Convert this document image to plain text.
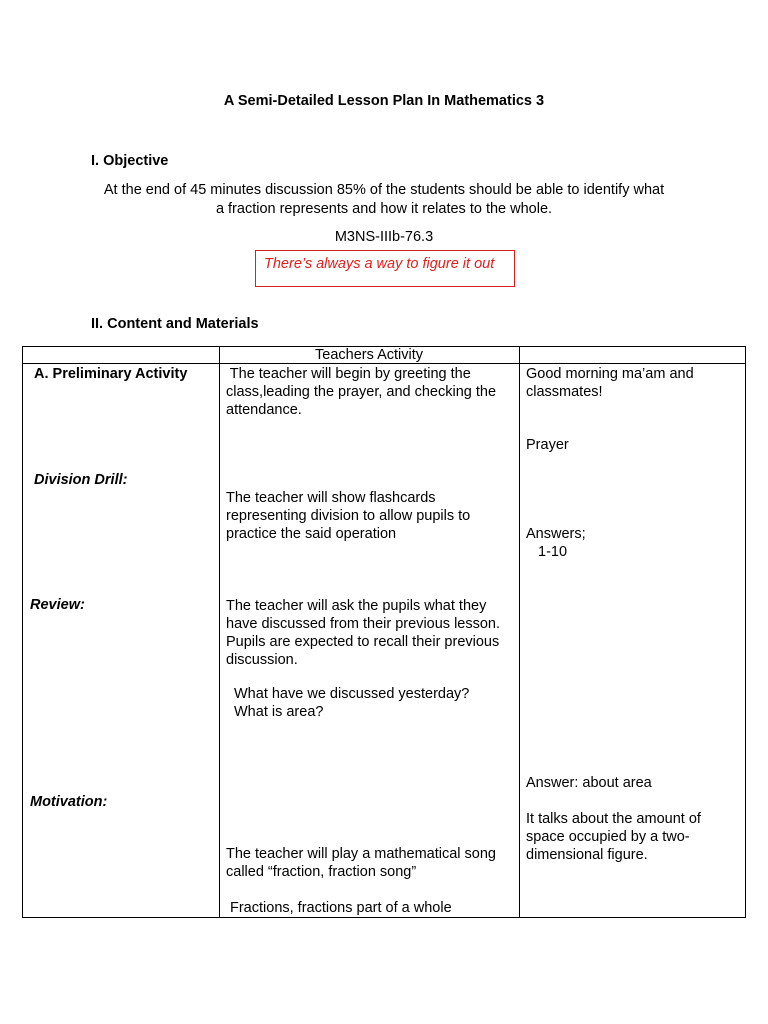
A Semi-Detailed Lesson Plan In Mathematics 3
I. Objective
At the end of 45 minutes discussion 85% of the students should be able to identify what
a fraction represents and how it relates to the whole.
M3NS-IIIb-76.3
There’s always a way to figure it out
II. Content and Materials
Teachers Activity
A. Preliminary Activity
Division Drill:
Review:
Motivation:
The teacher will begin by greeting the
class,leading the prayer, and checking the
attendance.
The teacher will show flashcards
representing division to allow pupils to
practice the said operation
The teacher will ask the pupils what they
have discussed from their previous lesson.
Pupils are expected to recall their previous
discussion.
What have we discussed yesterday?
What is area?
The teacher will play a mathematical song
called “fraction, fraction song”
Fractions, fractions part of a whole
Good morning ma’am and
classmates!
Prayer
Answers;
1-10
Answer: about area
It talks about the amount of
space occupied by a two-
dimensional figure.
